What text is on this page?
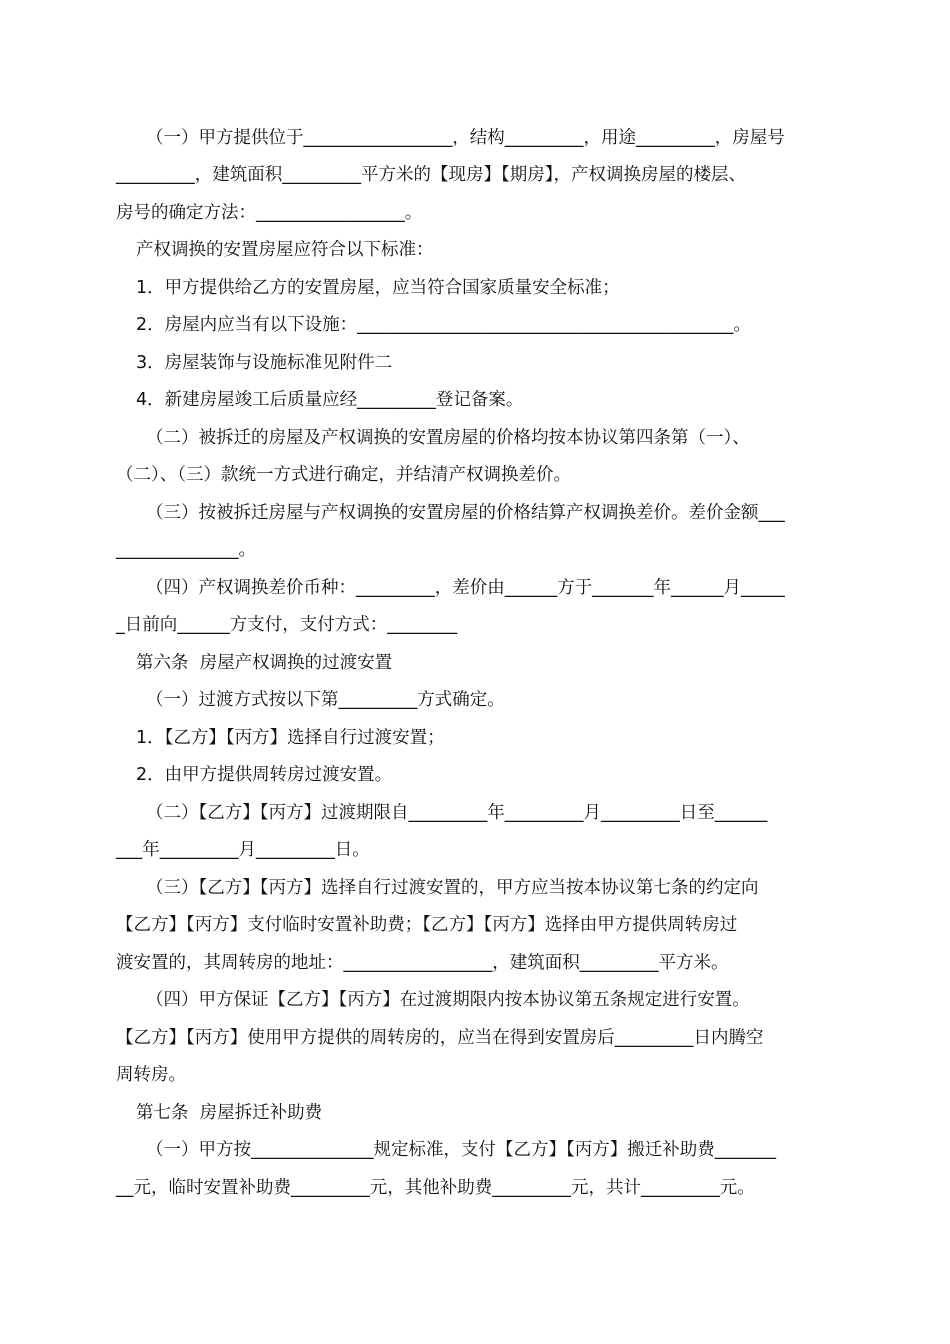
（一）甲方提供位于_________________，结构_________，用途_________，房屋号
_________，建筑面积_________平方米的【现房】【期房】，产权调换房屋的楼层、
房号的确定方法：_________________。
产权调换的安置房屋应符合以下标准：
1．甲方提供给乙方的安置房屋，应当符合国家质量安全标准；
2．房屋内应当有以下设施：___________________________________________。
3．房屋装饰与设施标准见附件二
4．新建房屋竣工后质量应经_________登记备案。
（二）被拆迁的房屋及产权调换的安置房屋的价格均按本协议第四条第（一）、
（二）、（三）款统一方式进行确定，并结清产权调换差价。
（三）按被拆迁房屋与产权调换的安置房屋的价格结算产权调换差价。差价金额___
______________。
（四）产权调换差价币种：_________，差价由______方于_______年______月_____
_日前向______方支付，支付方式：________
第六条  房屋产权调换的过渡安置
（一）过渡方式按以下第_________方式确定。
1．【乙方】【丙方】选择自行过渡安置；
2．由甲方提供周转房过渡安置。
（二）【乙方】【丙方】过渡期限自_________年_________月_________日至______
___年_________月_________日。
（三）【乙方】【丙方】选择自行过渡安置的，甲方应当按本协议第七条的约定向
【乙方】【丙方】支付临时安置补助费；【乙方】【丙方】选择由甲方提供周转房过
渡安置的，其周转房的地址：_________________，建筑面积_________平方米。
（四）甲方保证【乙方】【丙方】在过渡期限内按本协议第五条规定进行安置。
【乙方】【丙方】使用甲方提供的周转房的，应当在得到安置房后_________日内腾空
周转房。
第七条  房屋拆迁补助费
（一）甲方按______________规定标准，支付【乙方】【丙方】搬迁补助费_______
__元，临时安置补助费_________元，其他补助费_________元，共计_________元。
